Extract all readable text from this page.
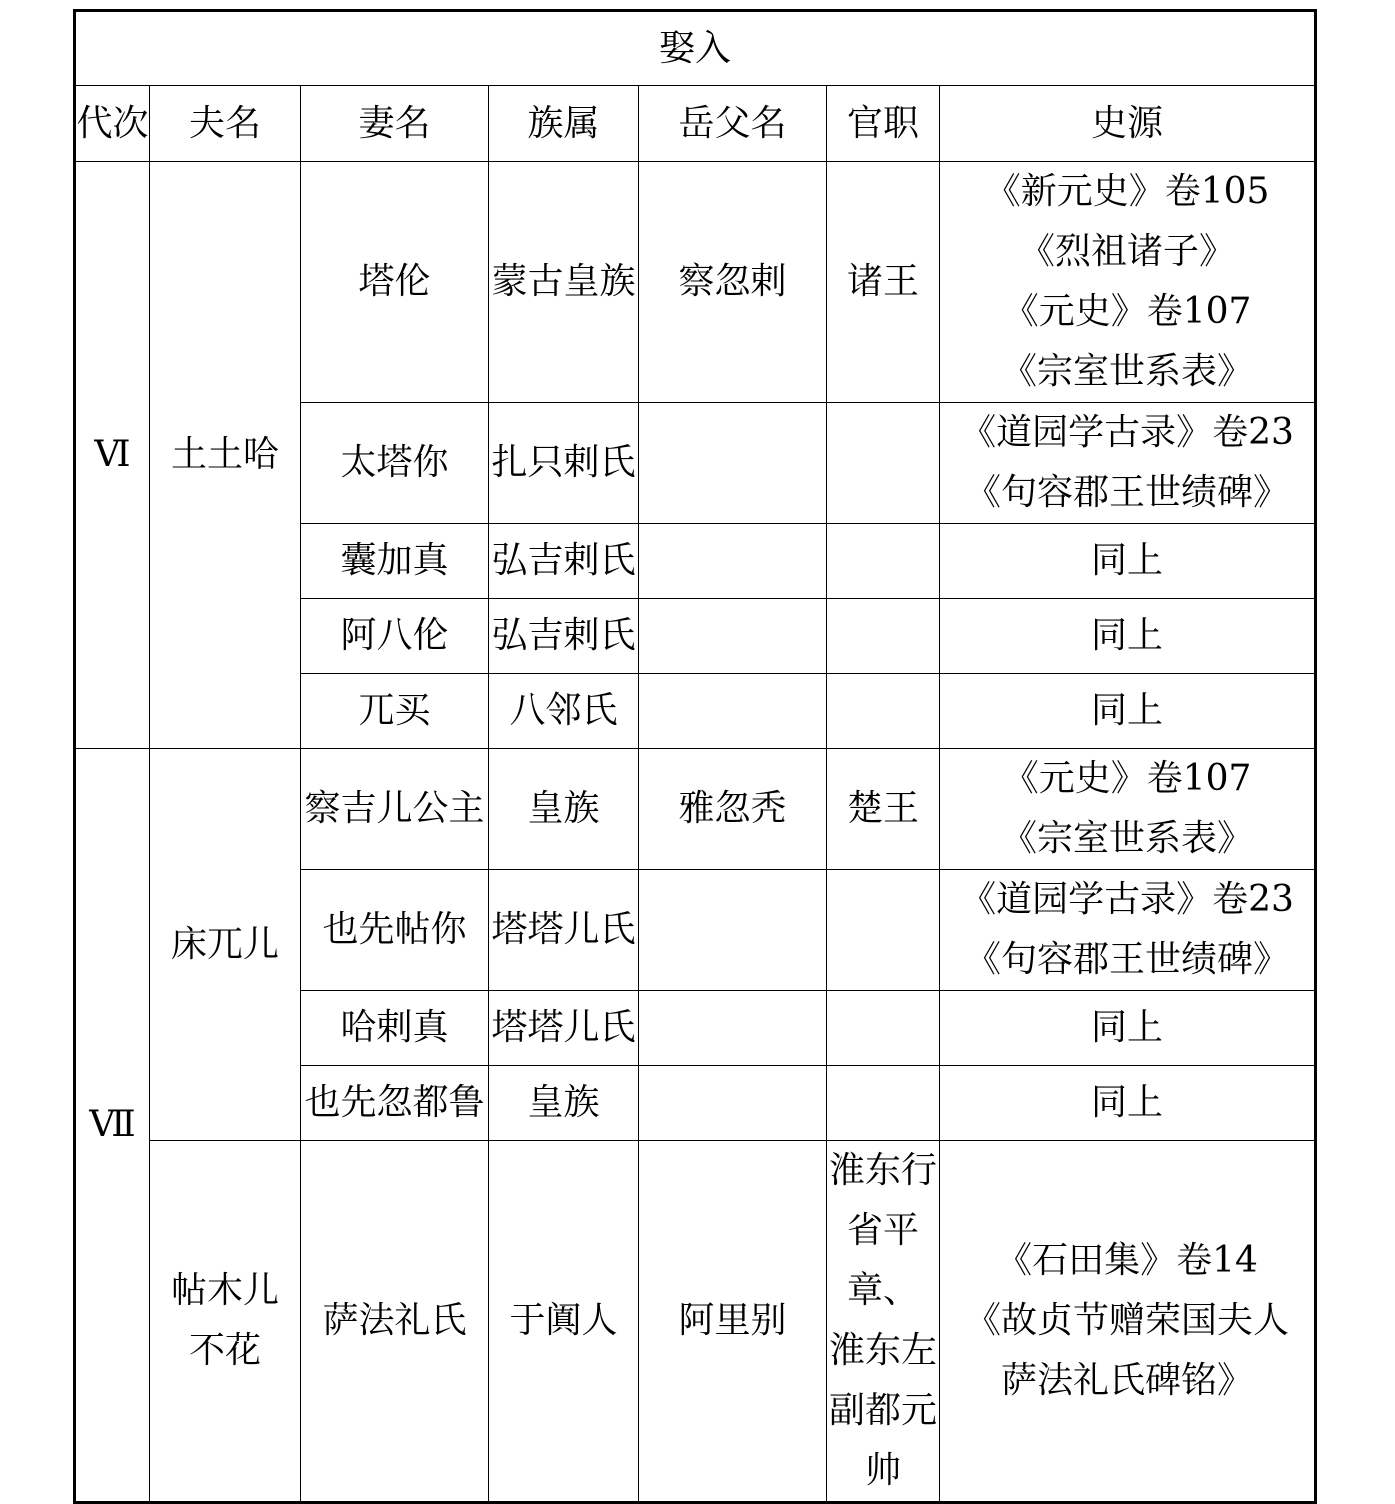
娶入						
代次	夫名	妻名	族属	岳父名	官职	史源
Ⅵ	土土哈	塔伦	蒙古皇族	察忽剌	诸王	《新元史》卷105
《烈祖诸子》
《元史》卷107
《宗室世系表》

		太塔你	扎只剌氏			《道园学古录》卷23
《句容郡王世绩碑》

		囊加真	弘吉剌氏			同上

		阿八伦	弘吉剌氏			同上

		兀买	八邻氏			同上

Ⅶ	床兀儿	察吉儿公主	皇族	雅忽秃	楚王	《元史》卷107
《宗室世系表》

		也先帖你	塔塔儿氏			《道园学古录》卷23
《句容郡王世绩碑》

		哈剌真	塔塔儿氏			同上

		也先忽都鲁	皇族			同上

	帖木儿
不花	萨法礼氏	于阗人	阿里别	淮东行
省平章、
淮东左
副都元
帅	《石田集》卷14
《故贞节赠荣国夫人
萨法礼氏碑铭》
